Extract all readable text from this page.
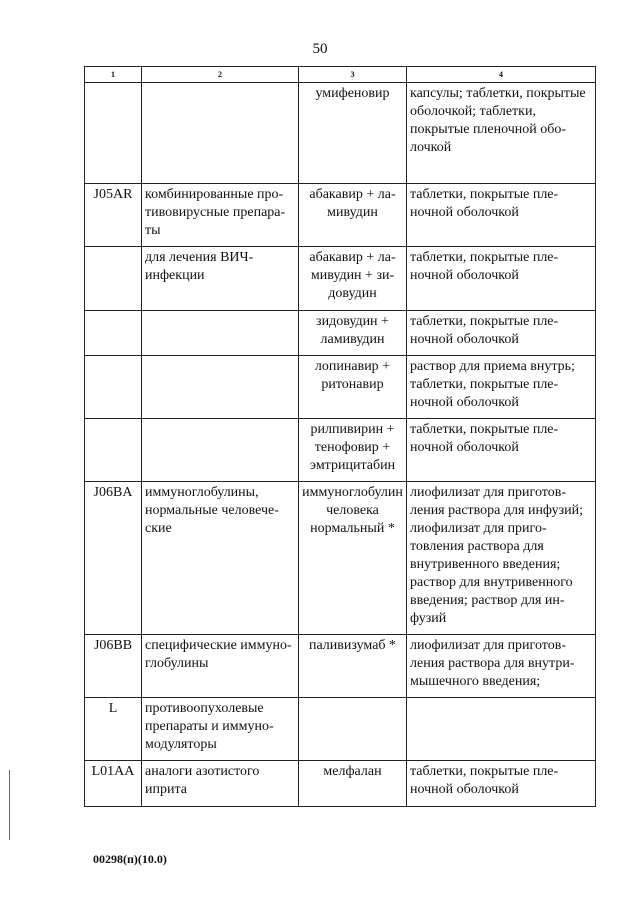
50
1	2	3	4
		умифеновир	капсулы; таблетки, покрытые оболочкой; таблетки, покрытые пленочной оболочкой
J05AR	комбинированные противовирусные препараты	абакавир + ламивудин	таблетки, покрытые пленочной оболочкой
	для лечения ВИЧ-инфекции	абакавир + ламивудин + зидовудин	таблетки, покрытые пленочной оболочкой
		зидовудин + ламивудин	таблетки, покрытые пленочной оболочкой
		лопинавир + ритонавир	раствор для приема внутрь; таблетки, покрытые пленочной оболочкой
		рилпивирин + тенофовир + эмтрицитабин	таблетки, покрытые пленочной оболочкой
J06BA	иммуноглобулины, нормальные человеческие	иммуноглобулин человека нормальный *	лиофилизат для приготовления раствора для инфузий; лиофилизат для приготовления раствора для внутривенного введения; раствор для внутривенного введения; раствор для инфузий
J06BB	специфические иммуноглобулины	паливизумаб *	лиофилизат для приготовления раствора для внутримышечного введения;
L	противоопухолевые препараты и иммуномодуляторы		
L01AA	аналоги азотистого иприта	мелфалан	таблетки, покрытые пленочной оболочкой
00298(п)(10.0)
